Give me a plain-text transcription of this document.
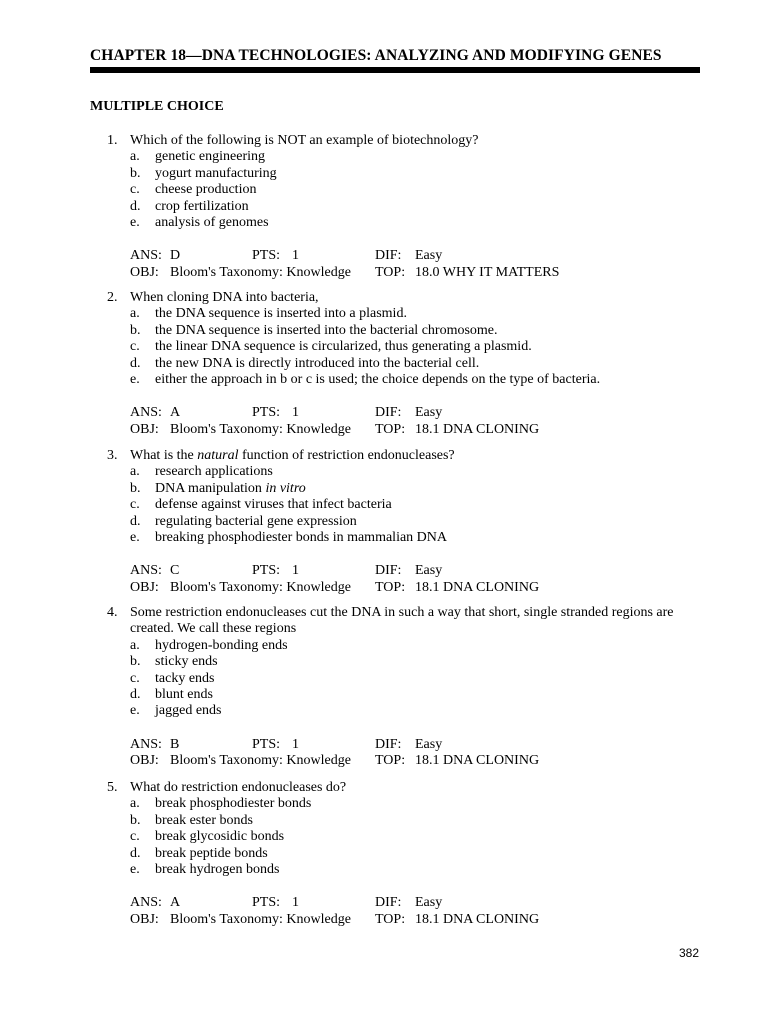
CHAPTER 18—DNA TECHNOLOGIES: ANALYZING AND MODIFYING GENES
MULTIPLE CHOICE
1. Which of the following is NOT an example of biotechnology?
a. genetic engineering
b. yogurt manufacturing
c. cheese production
d. crop fertilization
e. analysis of genomes
ANS: D	PTS: 1	DIF: Easy
OBJ: Bloom's Taxonomy: Knowledge TOP: 18.0 WHY IT MATTERS
2. When cloning DNA into bacteria,
a. the DNA sequence is inserted into a plasmid.
b. the DNA sequence is inserted into the bacterial chromosome.
c. the linear DNA sequence is circularized, thus generating a plasmid.
d. the new DNA is directly introduced into the bacterial cell.
e. either the approach in b or c is used; the choice depends on the type of bacteria.
ANS: A	PTS: 1	DIF: Easy
OBJ: Bloom's Taxonomy: Knowledge TOP: 18.1 DNA CLONING
3. What is the natural function of restriction endonucleases?
a. research applications
b. DNA manipulation in vitro
c. defense against viruses that infect bacteria
d. regulating bacterial gene expression
e. breaking phosphodiester bonds in mammalian DNA
ANS: C	PTS: 1	DIF: Easy
OBJ: Bloom's Taxonomy: Knowledge TOP: 18.1 DNA CLONING
4. Some restriction endonucleases cut the DNA in such a way that short, single stranded regions are created. We call these regions
a. hydrogen-bonding ends
b. sticky ends
c. tacky ends
d. blunt ends
e. jagged ends
ANS: B	PTS: 1	DIF: Easy
OBJ: Bloom's Taxonomy: Knowledge TOP: 18.1 DNA CLONING
5. What do restriction endonucleases do?
a. break phosphodiester bonds
b. break ester bonds
c. break glycosidic bonds
d. break peptide bonds
e. break hydrogen bonds
ANS: A	PTS: 1	DIF: Easy
OBJ: Bloom's Taxonomy: Knowledge TOP: 18.1 DNA CLONING
382
